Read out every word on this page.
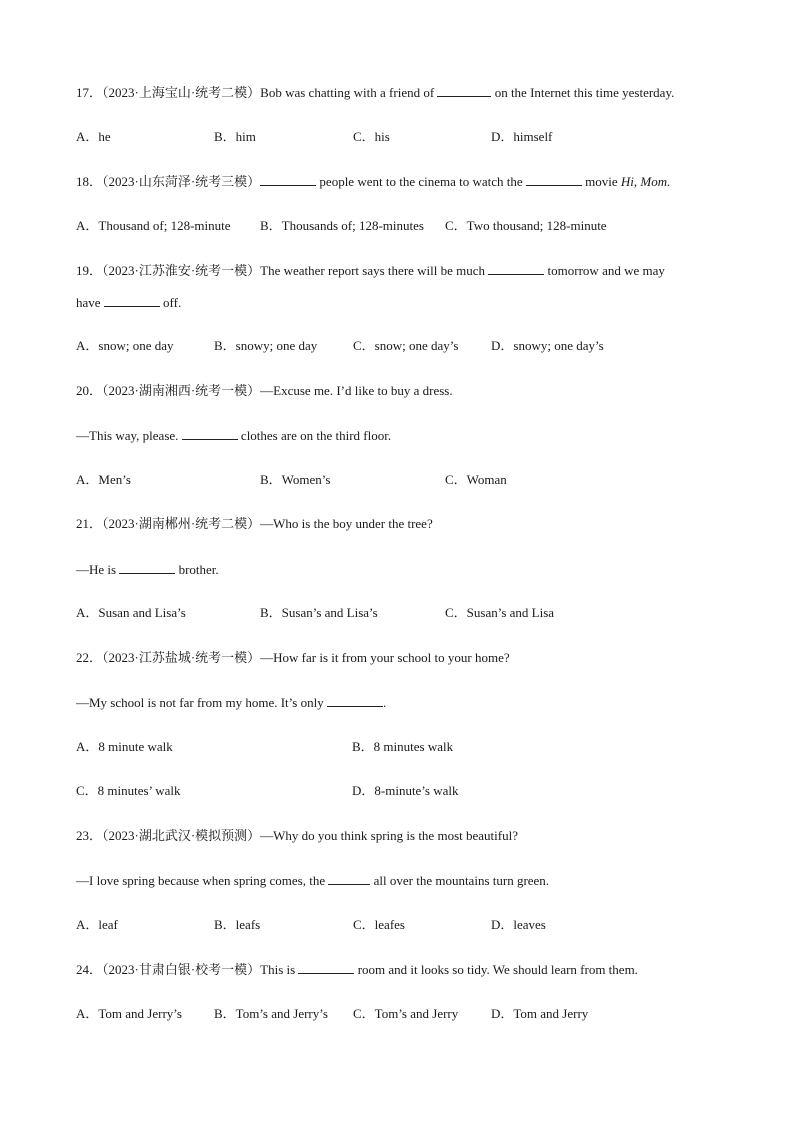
17．（2023·上海宝山·统考二模）Bob was chatting with a friend of	on the Internet this time yesterday.
A．he	B．him	C．his	D．himself
18．（2023·山东菏泽·统考三模）	people went to the cinema to watch the	movie Hi, Mom.
A．Thousand of; 128-minute B．Thousands of; 128-minutes C．Two thousand; 128-minute
19．（2023·江苏淮安·统考一模）The weather report says there will be much	tomorrow and we may
have	off.
A．snow; one day	B．snowy; one day	C．snow; one day’s	D．snowy; one day’s
20．（2023·湖南湘西·统考一模）—Excuse me. I’d like to buy a dress.
—This way, please.	clothes are on the third floor.
A．Men’s	B．Women’s	C．Woman
21．（2023·湖南郴州·统考二模）—Who is the boy under the tree?
—He is	brother.
A．Susan and Lisa’s	B．Susan’s and Lisa’s	C．Susan’s and Lisa
22．（2023·江苏盐城·统考一模）—How far is it from your school to your home?
—My school is not far from my home. It’s only	.
A．8 minute walk	B．8 minutes walk
C．8 minutes’ walk	D．8-minute’s walk
23．（2023·湖北武汉·模拟预测）—Why do you think spring is the most beautiful?
—I love spring because when spring comes, the	all over the mountains turn green.
A．leaf	B．leafs	C．leafes	D．leaves
24．（2023·甘肃白银·校考一模）This is	room and it looks so tidy. We should learn from them.
A．Tom and Jerry’s B．Tom’s and Jerry’s C．Tom’s and Jerry	D．Tom and Jerry
